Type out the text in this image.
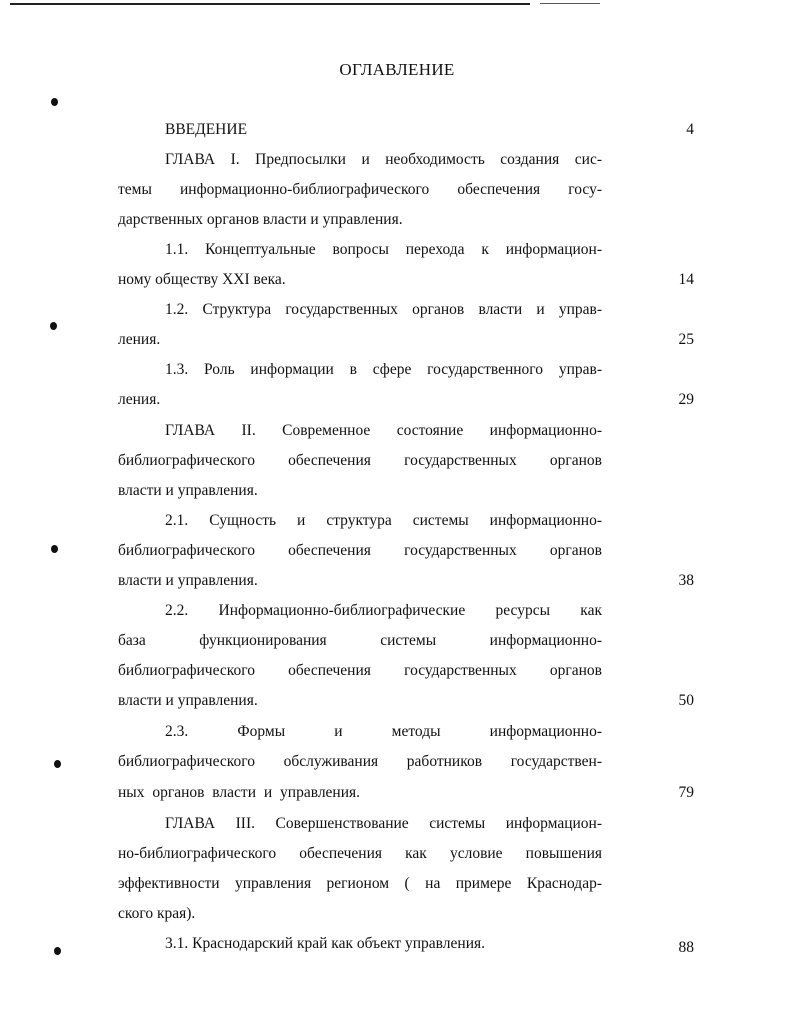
ОГЛАВЛЕНИЕ
ВВЕДЕНИЕ	4
ГЛАВА I. Предпосылки и необходимость создания сис-
темы информационно-библиографического обеспечения госу-
дарственных органов власти и управления.
1.1. Концептуальные вопросы перехода к информацион-
ному обществу XXI века.	14
1.2. Структура государственных органов власти и управ-
ления.	25
1.3. Роль информации в сфере государственного управ-
ления.	29
ГЛАВА II. Современное состояние информационно-
библиографического обеспечения государственных органов
власти и управления.
2.1. Сущность и структура системы информационно-
библиографического обеспечения государственных органов
власти и управления.	38
2.2. Информационно-библиографические ресурсы как
база функционирования системы информационно-
библиографического обеспечения государственных органов
власти и управления.	50
2.3. Формы и методы информационно-
библиографического обслуживания работников государствен-
ных органов власти и управления.	79
ГЛАВА III. Совершенствование системы информацион-
но-библиографического обеспечения как условие повышения
эффективности управления регионом ( на примере Краснодар-
ского края).
3.1. Краснодарский край как объект управления.	88
